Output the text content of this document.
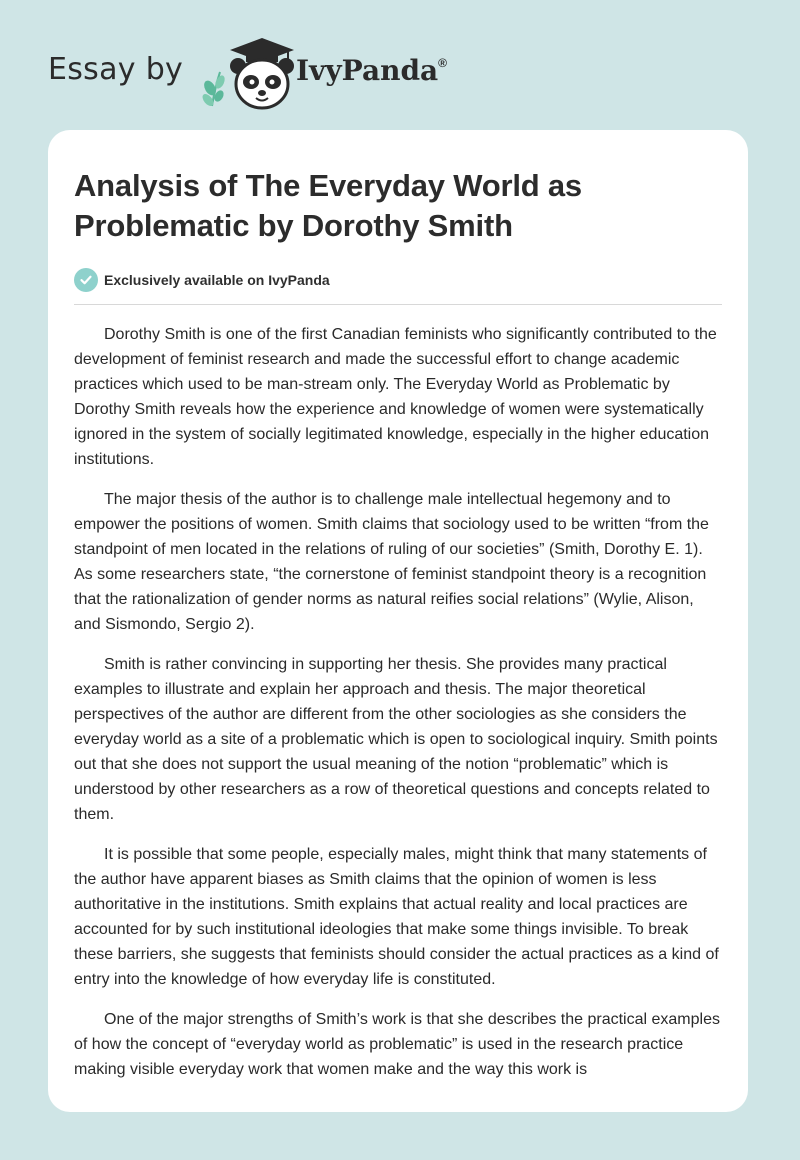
Essay by	IvyPanda®
Analysis of The Everyday World as Problematic by Dorothy Smith
Exclusively available on IvyPanda

Dorothy Smith is one of the first Canadian feminists who significantly contributed to the development of feminist research and made the successful effort to change academic practices which used to be man-stream only. The Everyday World as Problematic by Dorothy Smith reveals how the experience and knowledge of women were systematically ignored in the system of socially legitimated knowledge, especially in the higher education institutions.

The major thesis of the author is to challenge male intellectual hegemony and to empower the positions of women. Smith claims that sociology used to be written “from the standpoint of men located in the relations of ruling of our societies” (Smith, Dorothy E. 1). As some researchers state, “the cornerstone of feminist standpoint theory is a recognition that the rationalization of gender norms as natural reifies social relations” (Wylie, Alison, and Sismondo, Sergio 2).

Smith is rather convincing in supporting her thesis. She provides many practical examples to illustrate and explain her approach and thesis. The major theoretical perspectives of the author are different from the other sociologies as she considers the everyday world as a site of a problematic which is open to sociological inquiry. Smith points out that she does not support the usual meaning of the notion “problematic” which is understood by other researchers as a row of theoretical questions and concepts related to them.

It is possible that some people, especially males, might think that many statements of the author have apparent biases as Smith claims that the opinion of women is less authoritative in the institutions. Smith explains that actual reality and local practices are accounted for by such institutional ideologies that make some things invisible. To break these barriers, she suggests that feminists should consider the actual practices as a kind of entry into the knowledge of how everyday life is constituted.

One of the major strengths of Smith’s work is that she describes the practical examples of how the concept of “everyday world as problematic” is used in the research practice making visible everyday work that women make and the way this work is
